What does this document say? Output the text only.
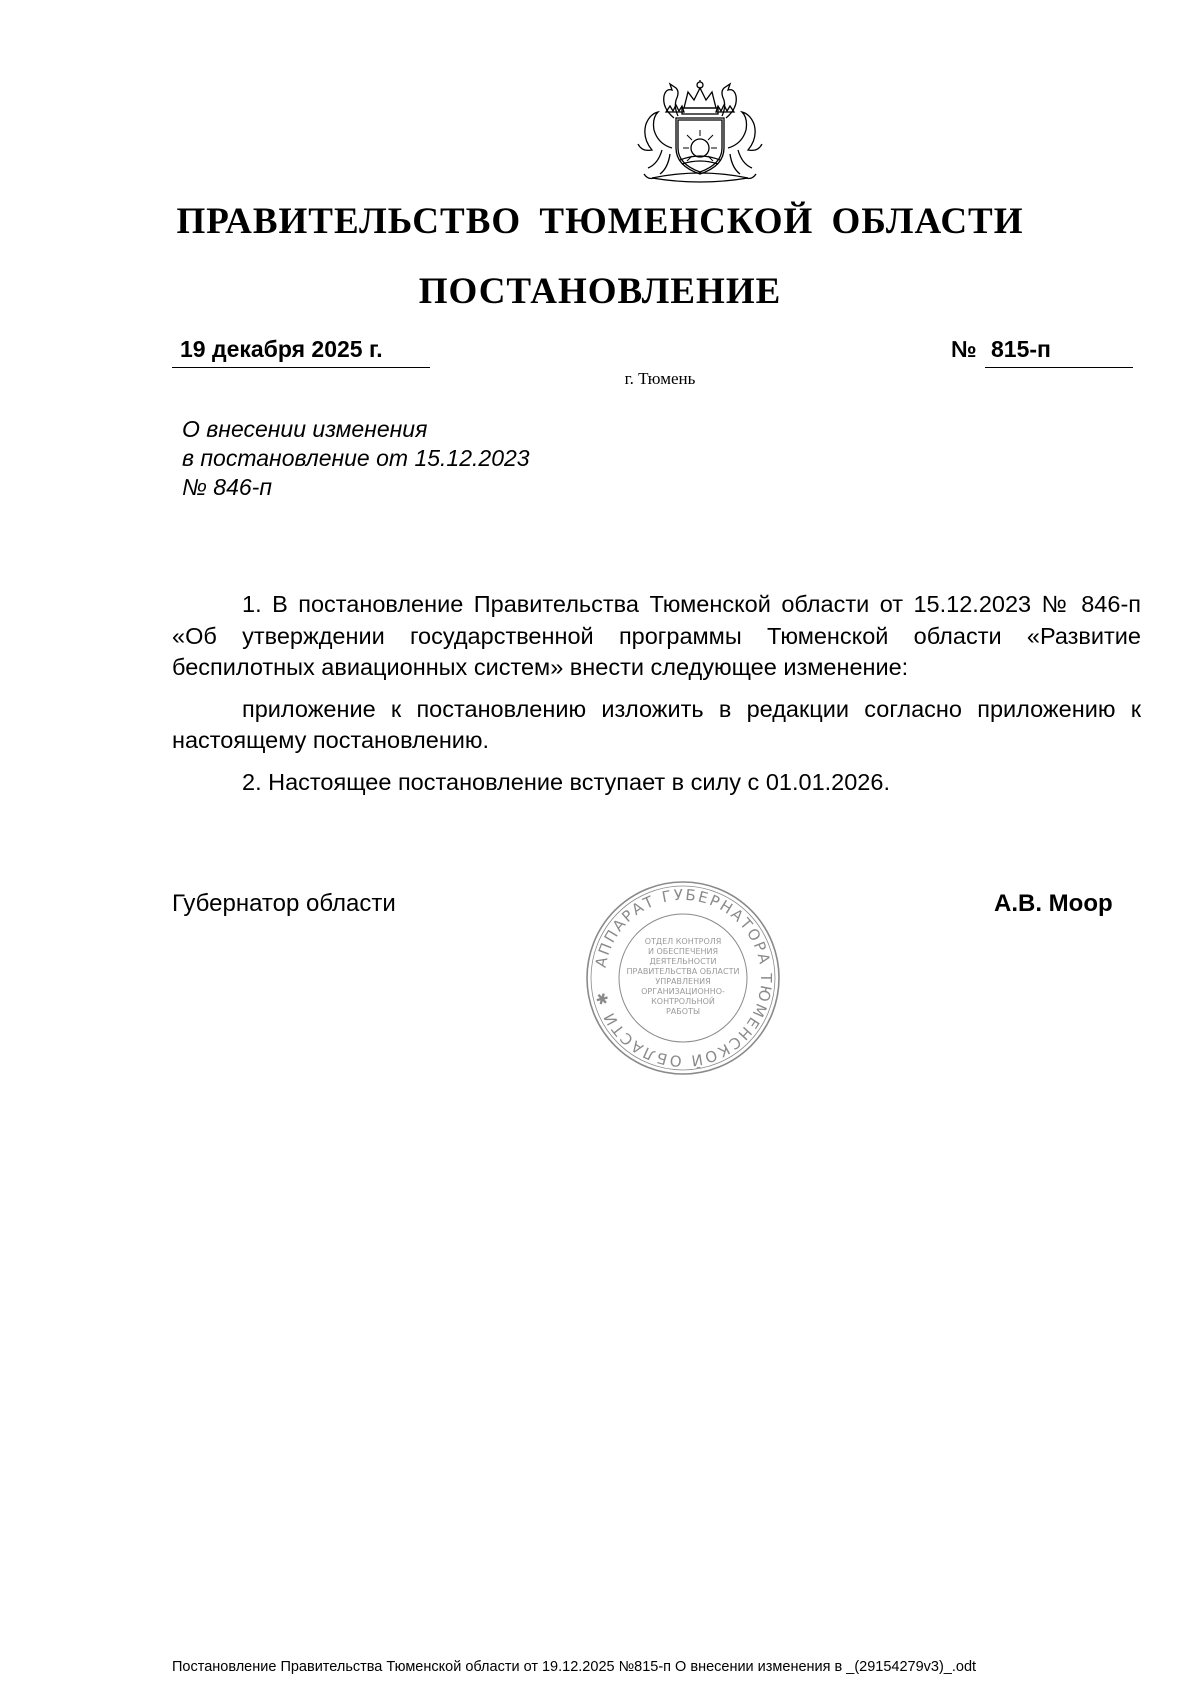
ПРАВИТЕЛЬСТВО ТЮМЕНСКОЙ ОБЛАСТИ
ПОСТАНОВЛЕНИЕ
19 декабря 2025 г.	№ 815-п
г. Тюмень
О внесении изменения
в постановление от 15.12.2023
№ 846-п

1. В постановление Правительства Тюменской области от 15.12.2023 № 846-п «Об утверждении государственной программы Тюменской области «Развитие беспилотных авиационных систем» внести следующее изменение:

приложение к постановлению изложить в редакции согласно приложению к настоящему постановлению.

2. Настоящее постановление вступает в силу с 01.01.2026.

Губернатор области	А.В. Моор
АППАРАТ ГУБЕРНАТОРА ТЮМЕНСКОЙ ОБЛАСТИ ✱
ОТДЕЛ КОНТРОЛЯ
И ОБЕСПЕЧЕНИЯ
ДЕЯТЕЛЬНОСТИ
ПРАВИТЕЛЬСТВА ОБЛАСТИ
УПРАВЛЕНИЯ
ОРГАНИЗАЦИОННО-
КОНТРОЛЬНОЙ
РАБОТЫ
Постановление Правительства Тюменской области от 19.12.2025 №815-п О внесении изменения в _(29154279v3)_.odt
